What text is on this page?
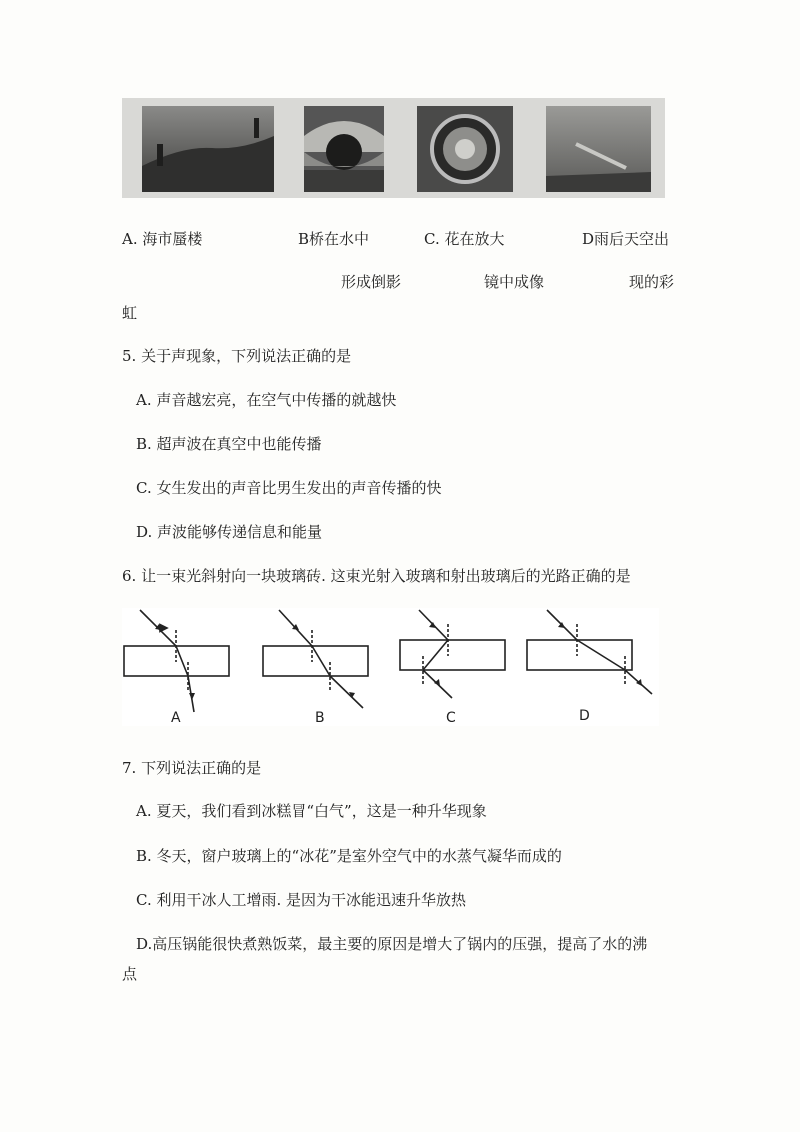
A. 海市蜃楼	B桥在水中	C. 花在放大	D雨后天空出
形成倒影	镜中成像	现的彩
虹
5. 关于声现象，下列说法正确的是
A. 声音越宏亮，在空气中传播的就越快
B. 超声波在真空中也能传播
C. 女生发出的声音比男生发出的声音传播的快
D. 声波能够传递信息和能量
6. 让一束光斜射向一块玻璃砖. 这束光射入玻璃和射出玻璃后的光路正确的是
A	B	C	D
7. 下列说法正确的是
A. 夏天，我们看到冰糕冒“白气”，这是一种升华现象
B. 冬天，窗户玻璃上的“冰花”是室外空气中的水蒸气凝华而成的
C. 利用干冰人工增雨. 是因为干冰能迅速升华放热
D.高压锅能很快煮熟饭菜，最主要的原因是增大了锅内的压强，提高了水的沸
点
